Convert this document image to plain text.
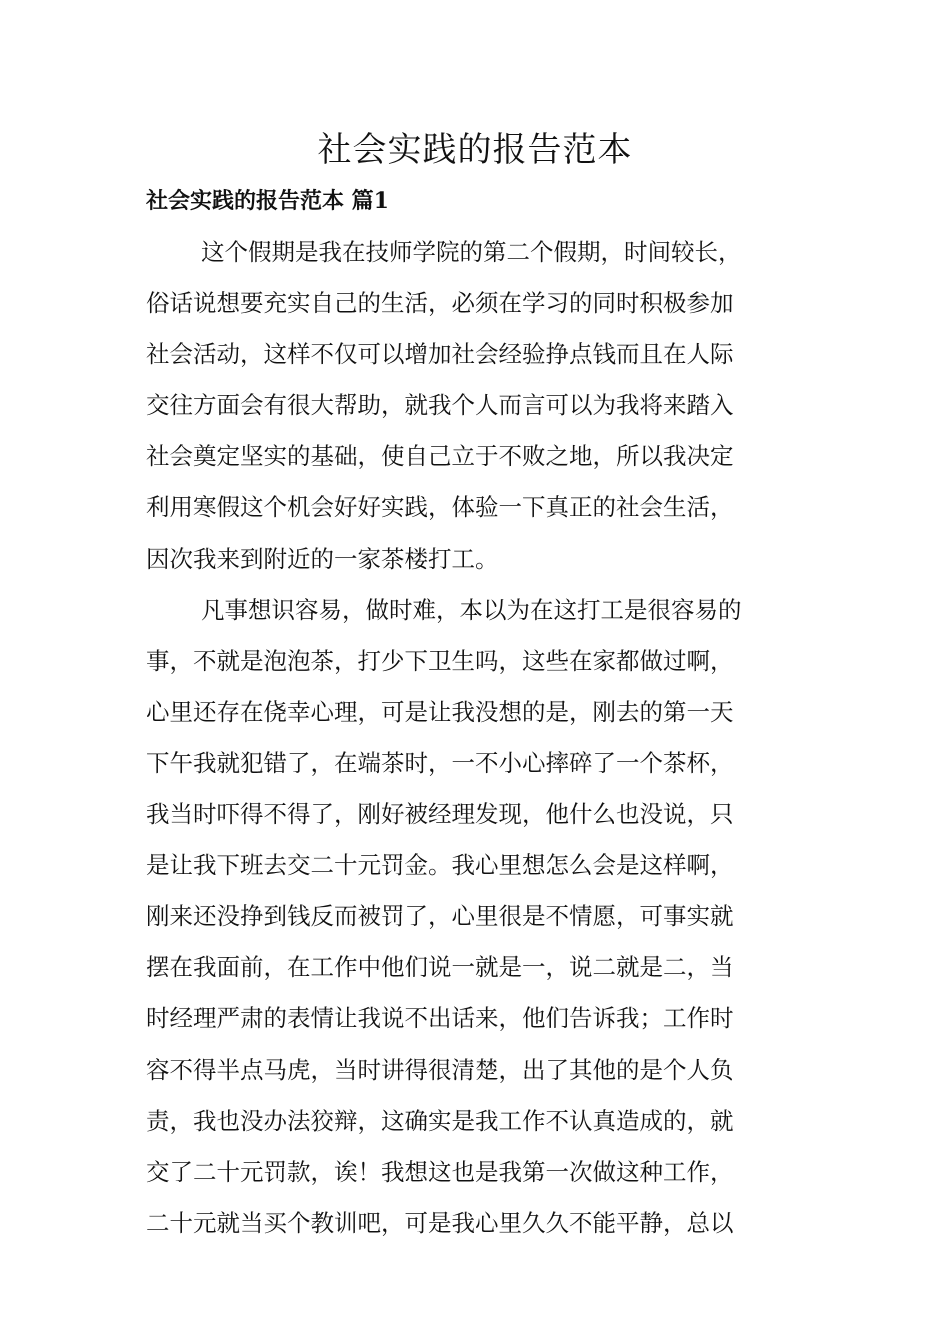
社会实践的报告范本
社会实践的报告范本 篇1

这个假期是我在技师学院的第二个假期，时间较长，

俗话说想要充实自己的生活，必须在学习的同时积极参加

社会活动，这样不仅可以增加社会经验挣点钱而且在人际

交往方面会有很大帮助，就我个人而言可以为我将来踏入

社会奠定坚实的基础，使自己立于不败之地，所以我决定

利用寒假这个机会好好实践，体验一下真正的社会生活，

因次我来到附近的一家茶楼打工。

凡事想识容易，做时难，本以为在这打工是很容易的

事，不就是泡泡茶，打少下卫生吗，这些在家都做过啊，

心里还存在侥幸心理，可是让我没想的是，刚去的第一天

下午我就犯错了，在端茶时，一不小心摔碎了一个茶杯，

我当时吓得不得了，刚好被经理发现，他什么也没说，只

是让我下班去交二十元罚金。我心里想怎么会是这样啊，

刚来还没挣到钱反而被罚了，心里很是不情愿，可事实就

摆在我面前，在工作中他们说一就是一，说二就是二，当

时经理严肃的表情让我说不出话来，他们告诉我；工作时

容不得半点马虎，当时讲得很清楚，出了其他的是个人负

责，我也没办法狡辩，这确实是我工作不认真造成的，就

交了二十元罚款，诶！我想这也是我第一次做这种工作，

二十元就当买个教训吧，可是我心里久久不能平静，总以
